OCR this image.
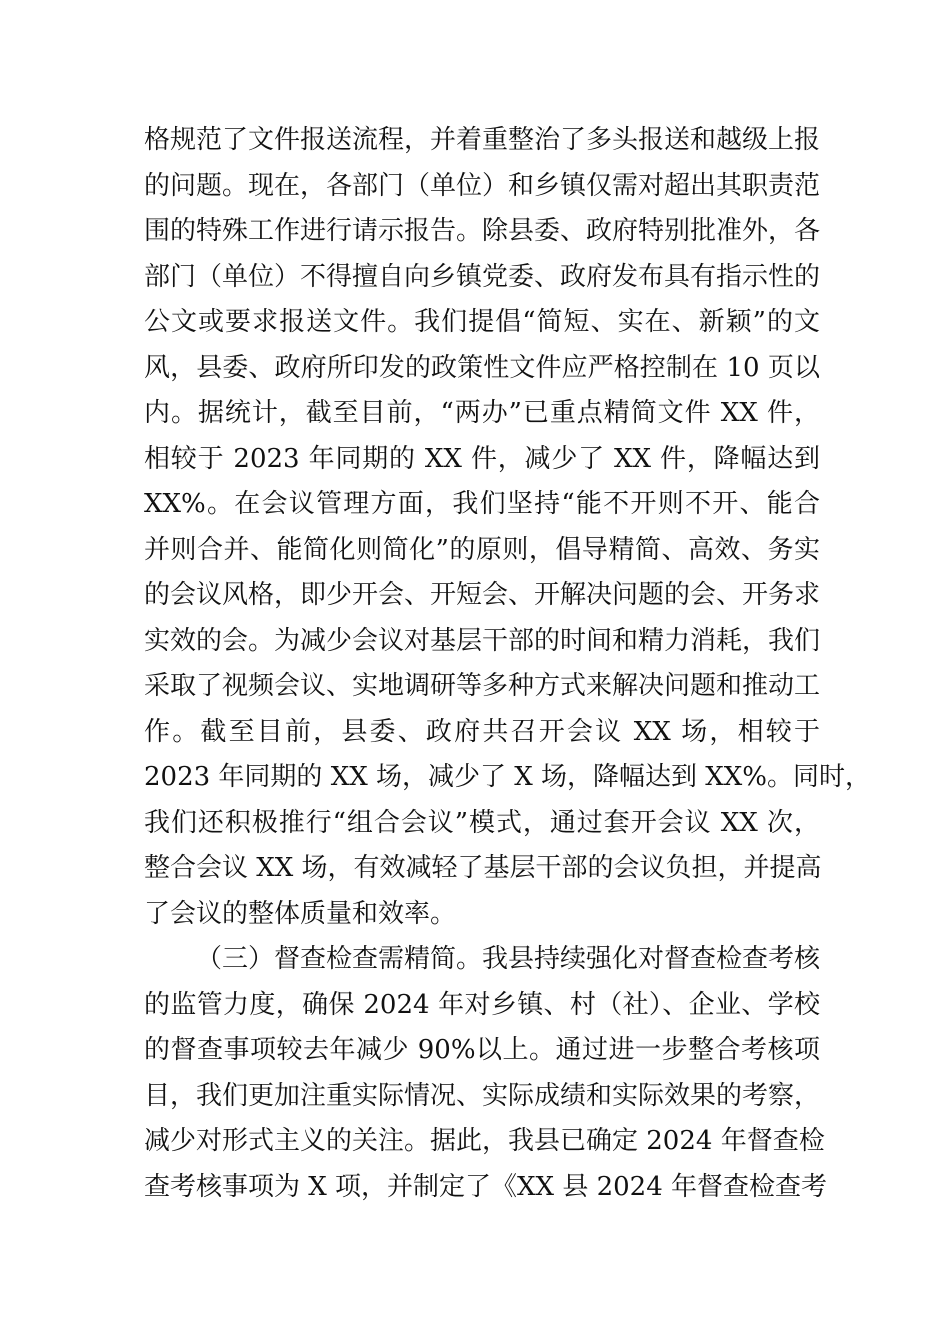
格规范了文件报送流程，并着重整治了多头报送和越级上报
的问题。现在，各部门（单位）和乡镇仅需对超出其职责范
围的特殊工作进行请示报告。除县委、政府特别批准外，各
部门（单位）不得擅自向乡镇党委、政府发布具有指示性的
公文或要求报送文件。我们提倡“简短、实在、新颖”的文
风，县委、政府所印发的政策性文件应严格控制在 10 页以
内。据统计，截至目前，“两办”已重点精简文件 XX 件，
相较于 2023 年同期的 XX 件，减少了 XX 件，降幅达到
XX%。在会议管理方面，我们坚持“能不开则不开、能合
并则合并、能简化则简化”的原则，倡导精简、高效、务实
的会议风格，即少开会、开短会、开解决问题的会、开务求
实效的会。为减少会议对基层干部的时间和精力消耗，我们
采取了视频会议、实地调研等多种方式来解决问题和推动工
作。截至目前，县委、政府共召开会议 XX 场，相较于
2023 年同期的 XX 场，减少了 X 场，降幅达到 XX%。同时，
我们还积极推行“组合会议”模式，通过套开会议 XX 次，
整合会议 XX 场，有效减轻了基层干部的会议负担，并提高
了会议的整体质量和效率。
（三）督查检查需精简。我县持续强化对督查检查考核
的监管力度，确保 2024 年对乡镇、村（社）、企业、学校
的督查事项较去年减少 90%以上。通过进一步整合考核项
目，我们更加注重实际情况、实际成绩和实际效果的考察，
减少对形式主义的关注。据此，我县已确定 2024 年督查检
查考核事项为 X 项，并制定了《XX 县 2024 年督查检查考
